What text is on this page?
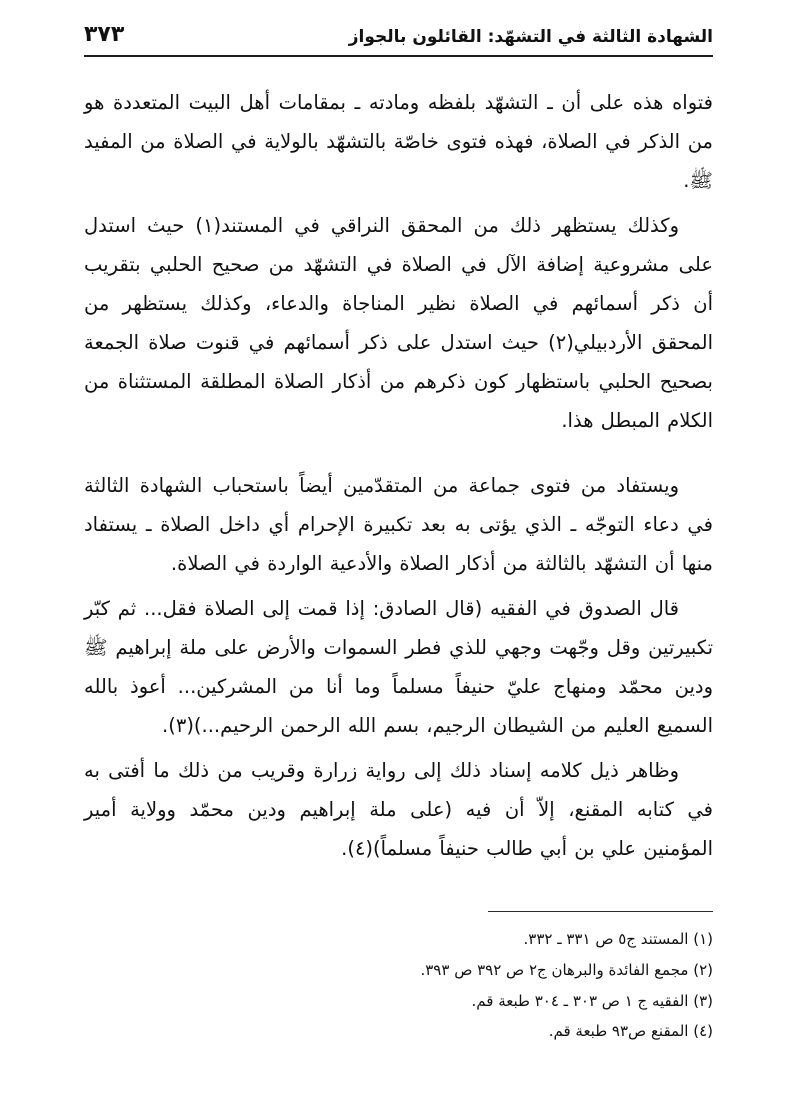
الشهادة الثالثة في التشهّد: القائلون بالجواز
٣٧٣

فتواه هذه على أن ـ التشهّد بلفظه ومادته ـ بمقامات أهل البيت المتعددة هو من الذكر في الصلاة، فهذه فتوى خاصّة بالتشهّد بالولاية في الصلاة من المفيد ﷺ.

وكذلك يستظهر ذلك من المحقق النراقي في المستند(١) حيث استدل على مشروعية إضافة الآل في الصلاة في التشهّد من صحيح الحلبي بتقريب أن ذكر أسمائهم في الصلاة نظير المناجاة والدعاء، وكذلك يستظهر من المحقق الأردبيلي(٢) حيث استدل على ذكر أسمائهم في قنوت صلاة الجمعة بصحيح الحلبي باستظهار كون ذكرهم من أذكار الصلاة المطلقة المستثناة من الكلام المبطل هذا.

ويستفاد من فتوى جماعة من المتقدّمين أيضاً باستحباب الشهادة الثالثة في دعاء التوجّه ـ الذي يؤتى به بعد تكبيرة الإحرام أي داخل الصلاة ـ يستفاد منها أن التشهّد بالثالثة من أذكار الصلاة والأدعية الواردة في الصلاة.

قال الصدوق في الفقيه (قال الصادق: إذا قمت إلى الصلاة فقل... ثم كبّر تكبيرتين وقل وجّهت وجهي للذي فطر السموات والأرض على ملة إبراهيم ﷺ ودين محمّد ومنهاج عليّ حنيفاً مسلماً وما أنا من المشركين... أعوذ بالله السميع العليم من الشيطان الرجيم، بسم الله الرحمن الرحيم...)(٣).

وظاهر ذيل كلامه إسناد ذلك إلى رواية زرارة وقريب من ذلك ما أفتى به في كتابه المقنع، إلاّ أن فيه (على ملة إبراهيم ودين محمّد وولاية أمير المؤمنين علي بن أبي طالب حنيفاً مسلماً)(٤).

(١) المستند ج٥ ص ٣٣١ ـ ٣٣٢.

(٢) مجمع الفائدة والبرهان ج٢ ص ٣٩٢ ص ٣٩٣.

(٣) الفقيه ج ١ ص ٣٠٣ ـ ٣٠٤ طبعة قم.

(٤) المقنع ص٩٣ طبعة قم.
